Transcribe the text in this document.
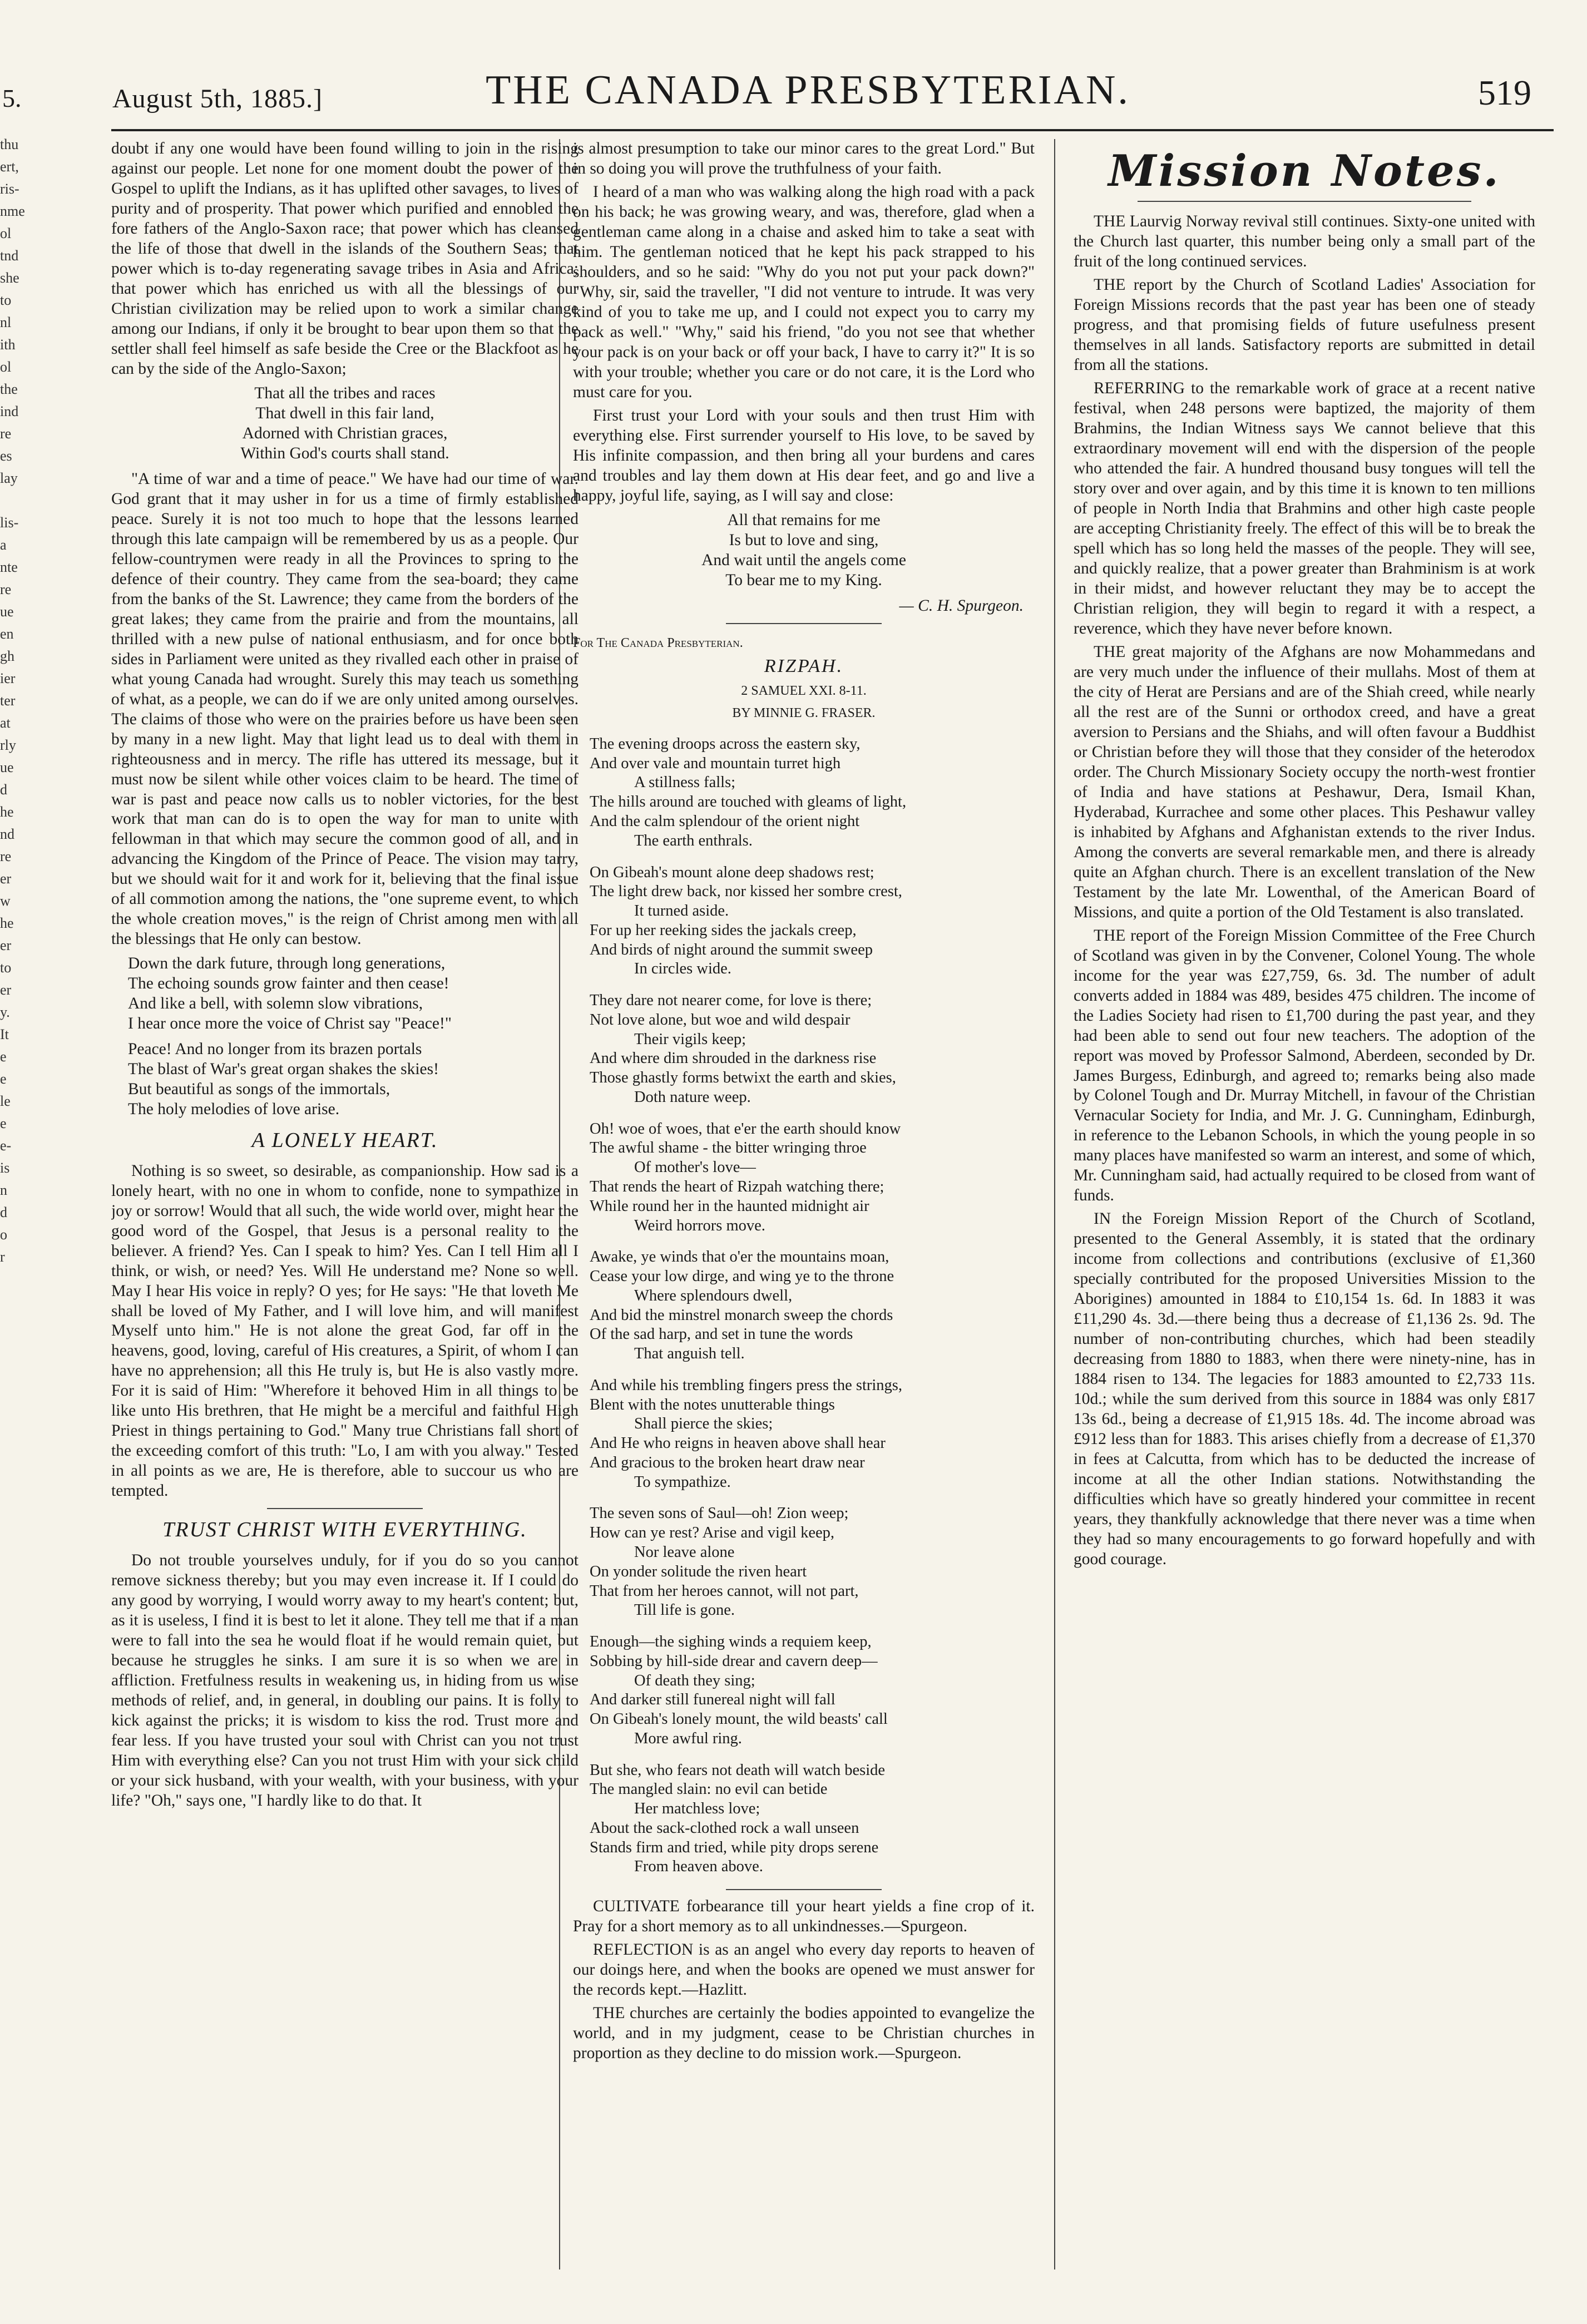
5.
thu
ert,
ris-
nme
ol
tnd
she
to
nl
ith
ol
the
ind
re
es
lay
lis-
a
nte
re
ue
en
gh
ier
ter
at
rly
ue
d
he
nd
re
er
w
he
er
to
er
y.
It
e
e
le
e
e-
is
n
d
o
r
August 5th, 1885.]	THE CANADA PRESBYTERIAN.	519

doubt if any one would have been found willing to join in the rising against our people. Let none for one moment doubt the power of the Gospel to uplift the Indians, as it has uplifted other savages, to lives of purity and of prosperity. That power which purified and ennobled the fore fathers of the Anglo-Saxon race; that power which has cleansed the life of those that dwell in the islands of the Southern Seas; that power which is to-day regenerating savage tribes in Asia and Africa; that power which has enriched us with all the blessings of our Christian civilization may be relied upon to work a similar change among our Indians, if only it be brought to bear upon them so that the settler shall feel himself as safe beside the Cree or the Blackfoot as he can by the side of the Anglo-Saxon;

That all the tribes and races
That dwell in this fair land,
Adorned with Christian graces,
Within God's courts shall stand.

"A time of war and a time of peace." We have had our time of war. God grant that it may usher in for us a time of firmly established peace. Surely it is not too much to hope that the lessons learned through this late campaign will be remembered by us as a people. Our fellow-countrymen were ready in all the Provinces to spring to the defence of their country. They came from the sea-board; they came from the banks of the St. Lawrence; they came from the borders of the great lakes; they came from the prairie and from the mountains, all thrilled with a new pulse of national enthusiasm, and for once both sides in Parliament were united as they rivalled each other in praise of what young Canada had wrought. Surely this may teach us something of what, as a people, we can do if we are only united among ourselves. The claims of those who were on the prairies before us have been seen by many in a new light. May that light lead us to deal with them in righteousness and in mercy. The rifle has uttered its message, but it must now be silent while other voices claim to be heard. The time of war is past and peace now calls us to nobler victories, for the best work that man can do is to open the way for man to unite with fellowman in that which may secure the common good of all, and in advancing the Kingdom of the Prince of Peace. The vision may tarry, but we should wait for it and work for it, believing that the final issue of all commotion among the nations, the "one supreme event, to which the whole creation moves," is the reign of Christ among men with all the blessings that He only can bestow.

Down the dark future, through long generations,
The echoing sounds grow fainter and then cease!
And like a bell, with solemn slow vibrations,
I hear once more the voice of Christ say "Peace!"
Peace! And no longer from its brazen portals
The blast of War's great organ shakes the skies!
But beautiful as songs of the immortals,
The holy melodies of love arise.
A LONELY HEART.

Nothing is so sweet, so desirable, as companionship. How sad is a lonely heart, with no one in whom to confide, none to sympathize in joy or sorrow! Would that all such, the wide world over, might hear the good word of the Gospel, that Jesus is a personal reality to the believer. A friend? Yes. Can I speak to him? Yes. Can I tell Him all I think, or wish, or need? Yes. Will He understand me? None so well. May I hear His voice in reply? O yes; for He says: "He that loveth Me shall be loved of My Father, and I will love him, and will manifest Myself unto him." He is not alone the great God, far off in the heavens, good, loving, careful of His creatures, a Spirit, of whom I can have no apprehension; all this He truly is, but He is also vastly more. For it is said of Him: "Wherefore it behoved Him in all things to be like unto His brethren, that He might be a merciful and faithful High Priest in things pertaining to God." Many true Christians fall short of the exceeding comfort of this truth: "Lo, I am with you alway." Tested in all points as we are, He is therefore, able to succour us who are tempted.

TRUST CHRIST WITH EVERYTHING.

Do not trouble yourselves unduly, for if you do so you cannot remove sickness thereby; but you may even increase it. If I could do any good by worrying, I would worry away to my heart's content; but, as it is useless, I find it is best to let it alone. They tell me that if a man were to fall into the sea he would float if he would remain quiet, but because he struggles he sinks. I am sure it is so when we are in affliction. Fretfulness results in weakening us, in hiding from us wise methods of relief, and, in general, in doubling our pains. It is folly to kick against the pricks; it is wisdom to kiss the rod. Trust more and fear less. If you have trusted your soul with Christ can you not trust Him with everything else? Can you not trust Him with your sick child or your sick husband, with your wealth, with your business, with your life? "Oh," says one, "I hardly like to do that. It

is almost presumption to take our minor cares to the great Lord." But in so doing you will prove the truthfulness of your faith.

I heard of a man who was walking along the high road with a pack on his back; he was growing weary, and was, therefore, glad when a gentleman came along in a chaise and asked him to take a seat with him. The gentleman noticed that he kept his pack strapped to his shoulders, and so he said: "Why do you not put your pack down?" "Why, sir, said the traveller, "I did not venture to intrude. It was very kind of you to take me up, and I could not expect you to carry my pack as well." "Why," said his friend, "do you not see that whether your pack is on your back or off your back, I have to carry it?" It is so with your trouble; whether you care or do not care, it is the Lord who must care for you.

First trust your Lord with your souls and then trust Him with everything else. First surrender yourself to His love, to be saved by His infinite compassion, and then bring all your burdens and cares and troubles and lay them down at His dear feet, and go and live a happy, joyful life, saying, as I will say and close:

All that remains for me
Is but to love and sing,
And wait until the angels come
To bear me to my King.
— C. H. Spurgeon.
For The Canada Presbyterian.
RIZPAH.
2 SAMUEL XXI. 8-11.
BY MINNIE G. FRASER.
The evening droops across the eastern sky,
And over vale and mountain turret high
A stillness falls;
The hills around are touched with gleams of light,
And the calm splendour of the orient night
The earth enthrals.
On Gibeah's mount alone deep shadows rest;
The light drew back, nor kissed her sombre crest,
It turned aside.
For up her reeking sides the jackals creep,
And birds of night around the summit sweep
In circles wide.
They dare not nearer come, for love is there;
Not love alone, but woe and wild despair
Their vigils keep;
And where dim shrouded in the darkness rise
Those ghastly forms betwixt the earth and skies,
Doth nature weep.
Oh! woe of woes, that e'er the earth should know
The awful shame - the bitter wringing throe
Of mother's love—
That rends the heart of Rizpah watching there;
While round her in the haunted midnight air
Weird horrors move.
Awake, ye winds that o'er the mountains moan,
Cease your low dirge, and wing ye to the throne
Where splendours dwell,
And bid the minstrel monarch sweep the chords
Of the sad harp, and set in tune the words
That anguish tell.
And while his trembling fingers press the strings,
Blent with the notes unutterable things
Shall pierce the skies;
And He who reigns in heaven above shall hear
And gracious to the broken heart draw near
To sympathize.
The seven sons of Saul—oh! Zion weep;
How can ye rest? Arise and vigil keep,
Nor leave alone
On yonder solitude the riven heart
That from her heroes cannot, will not part,
Till life is gone.
Enough—the sighing winds a requiem keep,
Sobbing by hill-side drear and cavern deep—
Of death they sing;
And darker still funereal night will fall
On Gibeah's lonely mount, the wild beasts' call
More awful ring.
But she, who fears not death will watch beside
The mangled slain: no evil can betide
Her matchless love;
About the sack-clothed rock a wall unseen
Stands firm and tried, while pity drops serene
From heaven above.

CULTIVATE forbearance till your heart yields a fine crop of it. Pray for a short memory as to all unkindnesses.—Spurgeon.

REFLECTION is as an angel who every day reports to heaven of our doings here, and when the books are opened we must answer for the records kept.—Hazlitt.

THE churches are certainly the bodies appointed to evangelize the world, and in my judgment, cease to be Christian churches in proportion as they decline to do mission work.—Spurgeon.

Mission Notes.

THE Laurvig Norway revival still continues. Sixty-one united with the Church last quarter, this number being only a small part of the fruit of the long continued services.

THE report by the Church of Scotland Ladies' Association for Foreign Missions records that the past year has been one of steady progress, and that promising fields of future usefulness present themselves in all lands. Satisfactory reports are submitted in detail from all the stations.

REFERRING to the remarkable work of grace at a recent native festival, when 248 persons were baptized, the majority of them Brahmins, the Indian Witness says We cannot believe that this extraordinary movement will end with the dispersion of the people who attended the fair. A hundred thousand busy tongues will tell the story over and over again, and by this time it is known to ten millions of people in North India that Brahmins and other high caste people are accepting Christianity freely. The effect of this will be to break the spell which has so long held the masses of the people. They will see, and quickly realize, that a power greater than Brahminism is at work in their midst, and however reluctant they may be to accept the Christian religion, they will begin to regard it with a respect, a reverence, which they have never before known.

THE great majority of the Afghans are now Mohammedans and are very much under the influence of their mullahs. Most of them at the city of Herat are Persians and are of the Shiah creed, while nearly all the rest are of the Sunni or orthodox creed, and have a great aversion to Persians and the Shiahs, and will often favour a Buddhist or Christian before they will those that they consider of the heterodox order. The Church Missionary Society occupy the north-west frontier of India and have stations at Peshawur, Dera, Ismail Khan, Hyderabad, Kurrachee and some other places. This Peshawur valley is inhabited by Afghans and Afghanistan extends to the river Indus. Among the converts are several remarkable men, and there is already quite an Afghan church. There is an excellent translation of the New Testament by the late Mr. Lowenthal, of the American Board of Missions, and quite a portion of the Old Testament is also translated.

THE report of the Foreign Mission Committee of the Free Church of Scotland was given in by the Convener, Colonel Young. The whole income for the year was £27,759, 6s. 3d. The number of adult converts added in 1884 was 489, besides 475 children. The income of the Ladies Society had risen to £1,700 during the past year, and they had been able to send out four new teachers. The adoption of the report was moved by Professor Salmond, Aberdeen, seconded by Dr. James Burgess, Edinburgh, and agreed to; remarks being also made by Colonel Tough and Dr. Murray Mitchell, in favour of the Christian Vernacular Society for India, and Mr. J. G. Cunningham, Edinburgh, in reference to the Lebanon Schools, in which the young people in so many places have manifested so warm an interest, and some of which, Mr. Cunningham said, had actually required to be closed from want of funds.

IN the Foreign Mission Report of the Church of Scotland, presented to the General Assembly, it is stated that the ordinary income from collections and contributions (exclusive of £1,360 specially contributed for the proposed Universities Mission to the Aborigines) amounted in 1884 to £10,154 1s. 6d. In 1883 it was £11,290 4s. 3d.—there being thus a decrease of £1,136 2s. 9d. The number of non-contributing churches, which had been steadily decreasing from 1880 to 1883, when there were ninety-nine, has in 1884 risen to 134. The legacies for 1883 amounted to £2,733 11s. 10d.; while the sum derived from this source in 1884 was only £817 13s 6d., being a decrease of £1,915 18s. 4d. The income abroad was £912 less than for 1883. This arises chiefly from a decrease of £1,370 in fees at Calcutta, from which has to be deducted the increase of income at all the other Indian stations. Notwithstanding the difficulties which have so greatly hindered your committee in recent years, they thankfully acknowledge that there never was a time when they had so many encouragements to go forward hopefully and with good courage.
